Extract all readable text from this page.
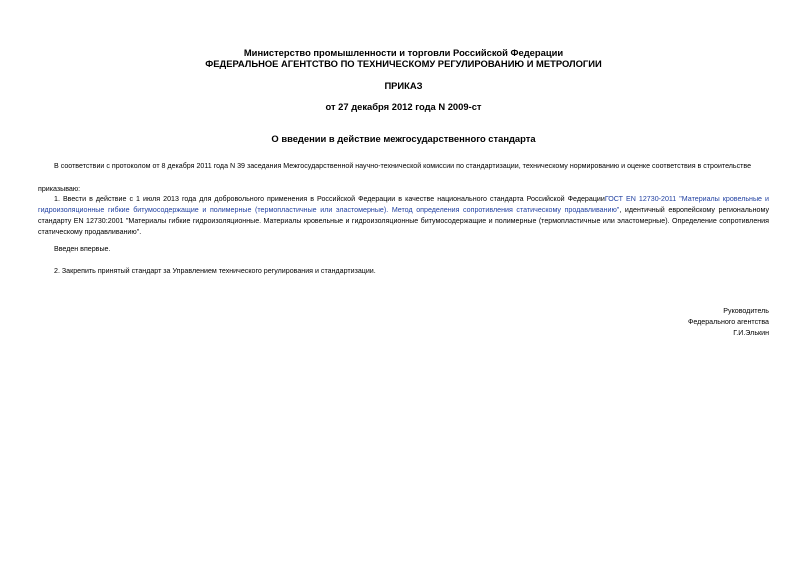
Министерство промышленности и торговли Российской Федерации
ФЕДЕРАЛЬНОЕ АГЕНТСТВО ПО ТЕХНИЧЕСКОМУ РЕГУЛИРОВАНИЮ И МЕТРОЛОГИИ
ПРИКАЗ
от 27 декабря 2012 года N 2009-ст
О введении в действие межгосударственного стандарта
В соответствии с протоколом от 8 декабря 2011 года N 39 заседания Межгосударственной научно-технической комиссии по стандартизации, техническому нормированию и оценке соответствия в строительстве
приказываю:
1. Ввести в действие с 1 июля 2013 года для добровольного применения в Российской Федерации в качестве национального стандарта Российской ФедерацииГОСТ EN 12730-2011 "Материалы кровельные и гидроизоляционные гибкие битумосодержащие и полимерные (термопластичные или эластомерные). Метод определения сопротивления статическому продавливанию", идентичный европейскому региональному стандарту EN 12730:2001 "Материалы гибкие гидроизоляционные. Материалы кровельные и гидроизоляционные битумосодержащие и полимерные (термопластичные или эластомерные). Определение сопротивления статическому продавливанию".
Введен впервые.
2. Закрепить принятый стандарт за Управлением технического регулирования и стандартизации.
Руководитель
Федерального агентства
Г.И.Элькин
